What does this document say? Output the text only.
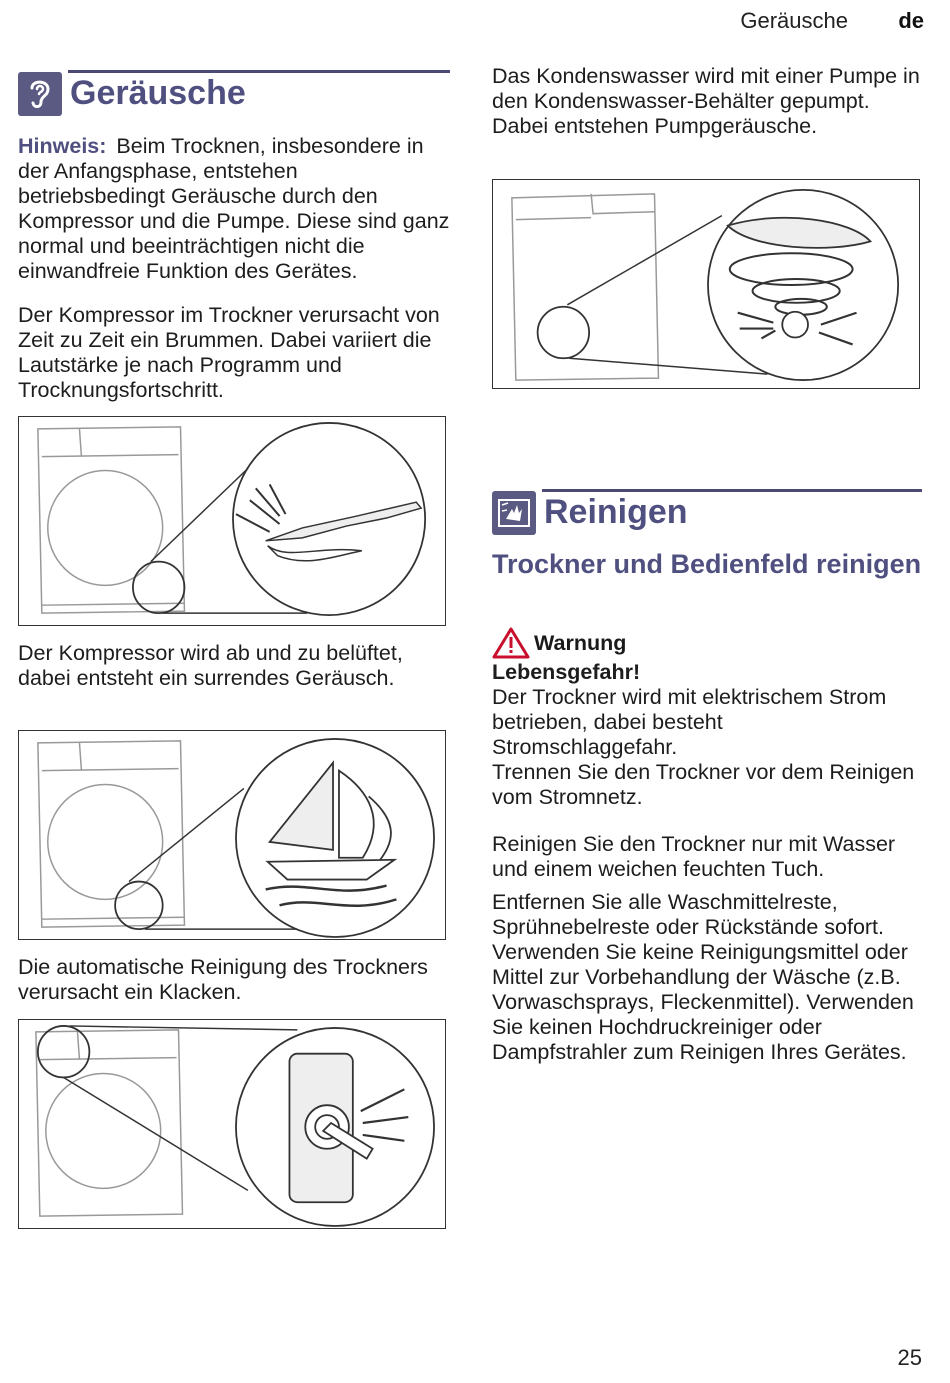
Geräusche de
Geräusche
Hinweis: Beim Trocknen, insbesondere in der Anfangsphase, entstehen betriebsbedingt Geräusche durch den Kompressor und die Pumpe. Diese sind ganz normal und beeinträchtigen nicht die einwandfreie Funktion des Gerätes.
Der Kompressor im Trockner verursacht von Zeit zu Zeit ein Brummen. Dabei variiert die Lautstärke je nach Programm und Trocknungsfortschritt.
Der Kompressor wird ab und zu belüftet, dabei entsteht ein surrendes Geräusch.
Die automatische Reinigung des Trockners verursacht ein Klacken.
Das Kondenswasser wird mit einer Pumpe in den Kondenswasser-Behälter gepumpt. Dabei entstehen Pumpgeräusche.
Reinigen
Trockner und Bedienfeld reinigen
Warnung
Lebensgefahr!
Der Trockner wird mit elektrischem Strom betrieben, dabei besteht Stromschlaggefahr.
Trennen Sie den Trockner vor dem Reinigen vom Stromnetz.
Reinigen Sie den Trockner nur mit Wasser und einem weichen feuchten Tuch.
Entfernen Sie alle Waschmittelreste, Sprühnebelreste oder Rückstände sofort. Verwenden Sie keine Reinigungsmittel oder Mittel zur Vorbehandlung der Wäsche (z.B. Vorwaschsprays, Fleckenmittel). Verwenden Sie keinen Hochdruckreiniger oder Dampfstrahler zum Reinigen Ihres Gerätes.
25
